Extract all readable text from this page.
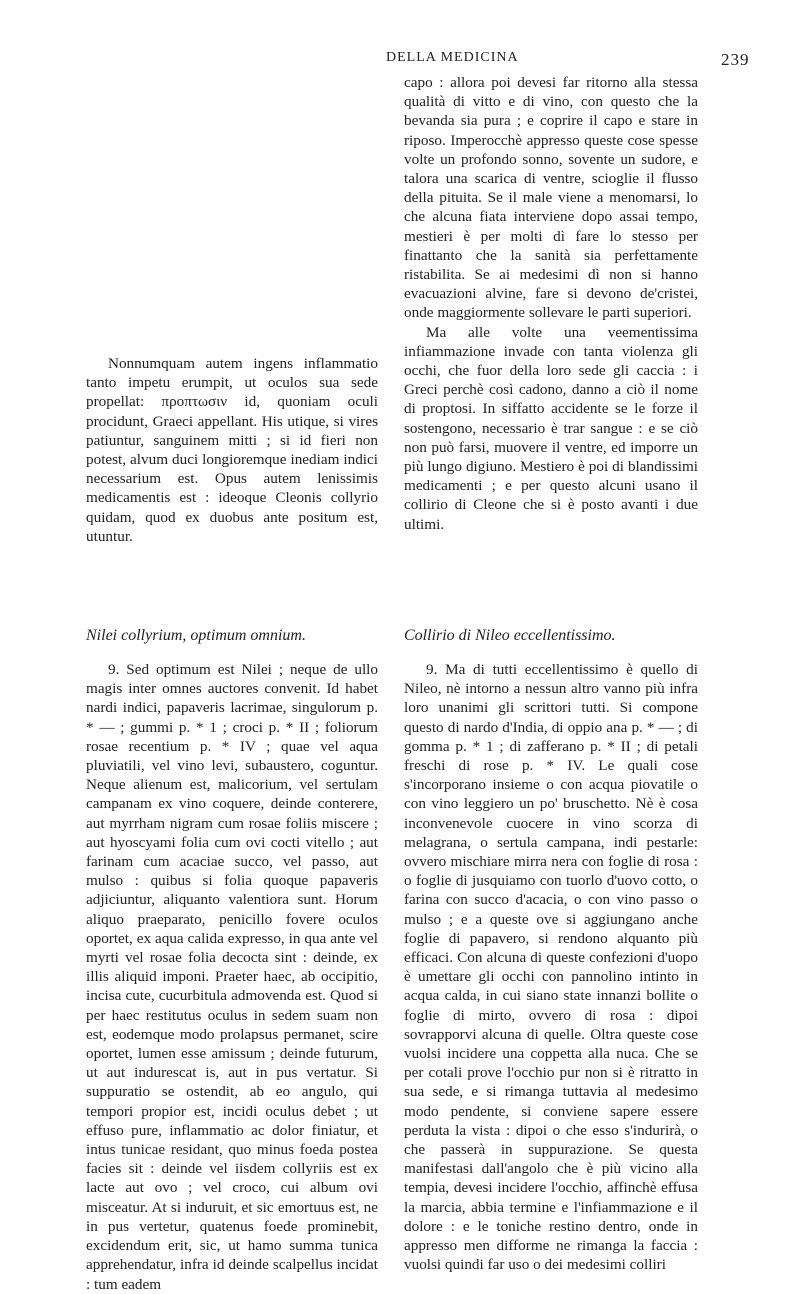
DELLA MEDICINA	239

Nonnumquam autem ingens inflammatio tanto impetu erumpit, ut oculos sua sede propellat: προπτωσιν id, quoniam oculi procidunt, Graeci appellant. His utique, si vires patiuntur, sanguinem mitti ; si id fieri non potest, alvum duci longioremque inediam indici necessarium est. Opus autem lenissimis medicamentis est : ideoque Cleonis collyrio quidam, quod ex duobus ante positum est, utuntur.

capo : allora poi devesi far ritorno alla stessa qualità di vitto e di vino, con questo che la bevanda sia pura ; e coprire il capo e stare in riposo. Imperocchè appresso queste cose spesse volte un profondo sonno, sovente un sudore, e talora una scarica di ventre, scioglie il flusso della pituita. Se il male viene a menomarsi, lo che alcuna fiata interviene dopo assai tempo, mestieri è per molti dì fare lo stesso per finattanto che la sanità sia perfettamente ristabilita. Se ai medesimi dì non si hanno evacuazioni alvine, fare si devono de'cristei, onde maggiormente sollevare le parti superiori.

Ma alle volte una veementissima infiammazione invade con tanta violenza gli occhi, che fuor della loro sede gli caccia : i Greci perchè così cadono, danno a ciò il nome di proptosi. In siffatto accidente se le forze il sostengono, necessario è trar sangue : e se ciò non può farsi, muovere il ventre, ed imporre un più lungo digiuno. Mestiero è poi di blandissimi medicamenti ; e per questo alcuni usano il collirio di Cleone che si è posto avanti i due ultimi.

Nilei collyrium, optimum omnium.	Collirio di Nileo eccellentissimo.

9. Sed optimum est Nilei ; neque de ullo magis inter omnes auctores convenit. Id habet nardi indici, papaveris lacrimae, singulorum p. * — ; gummi p. * 1 ; croci p. * II ; foliorum rosae recentium p. * IV ; quae vel aqua pluviatili, vel vino levi, subaustero, coguntur. Neque alienum est, malicorium, vel sertulam campanam ex vino coquere, deinde conterere, aut myrrham nigram cum rosae foliis miscere ; aut hyoscyami folia cum ovi cocti vitello ; aut farinam cum acaciae succo, vel passo, aut mulso : quibus si folia quoque papaveris adjiciuntur, aliquanto valentiora sunt. Horum aliquo praeparato, penicillo fovere oculos oportet, ex aqua calida expresso, in qua ante vel myrti vel rosae folia decocta sint : deinde, ex illis aliquid imponi. Praeter haec, ab occipitio, incisa cute, cucurbitula admovenda est. Quod si per haec restitutus oculus in sedem suam non est, eodemque modo prolapsus permanet, scire oportet, lumen esse amissum ; deinde futurum, ut aut indurescat is, aut in pus vertatur. Si suppuratio se ostendit, ab eo angulo, qui tempori propior est, incidi oculus debet ; ut effuso pure, inflammatio ac dolor finiatur, et intus tunicae residant, quo minus foeda postea facies sit : deinde vel iisdem collyriis est ex lacte aut ovo ; vel croco, cui album ovi misceatur. At si induruit, et sic emortuus est, ne in pus vertetur, quatenus foede prominebit, excidendum erit, sic, ut hamo summa tunica apprehendatur, infra id deinde scalpellus incidat : tum eadem

9. Ma di tutti eccellentissimo è quello di Nileo, nè intorno a nessun altro vanno più infra loro unanimi gli scrittori tutti. Si compone questo di nardo d'India, di oppio ana p. * — ; di gomma p. * 1 ; di zafferano p. * II ; di petali freschi di rose p. * IV. Le quali cose s'incorporano insieme o con acqua piovatile o con vino leggiero un po' bruschetto. Nè è cosa inconvenevole cuocere in vino scorza di melagrana, o sertula campana, indi pestarle: ovvero mischiare mirra nera con foglie di rosa : o foglie di jusquiamo con tuorlo d'uovo cotto, o farina con succo d'acacia, o con vino passo o mulso ; e a queste ove si aggiungano anche foglie di papavero, si rendono alquanto più efficaci. Con alcuna di queste confezioni d'uopo è umettare gli occhi con pannolino intinto in acqua calda, in cui siano state innanzi bollite o foglie di mirto, ovvero di rosa : dipoi sovrapporvi alcuna di quelle. Oltra queste cose vuolsi incidere una coppetta alla nuca. Che se per cotali prove l'occhio pur non si è ritratto in sua sede, e si rimanga tuttavia al medesimo modo pendente, si conviene sapere essere perduta la vista : dipoi o che esso s'indurirà, o che passerà in suppurazione. Se questa manifestasi dall'angolo che è più vicino alla tempia, devesi incidere l'occhio, affinchè effusa la marcia, abbia termine e l'infiammazione e il dolore : e le toniche restino dentro, onde in appresso men difforme ne rimanga la faccia : vuolsi quindi far uso o dei medesimi colliri
